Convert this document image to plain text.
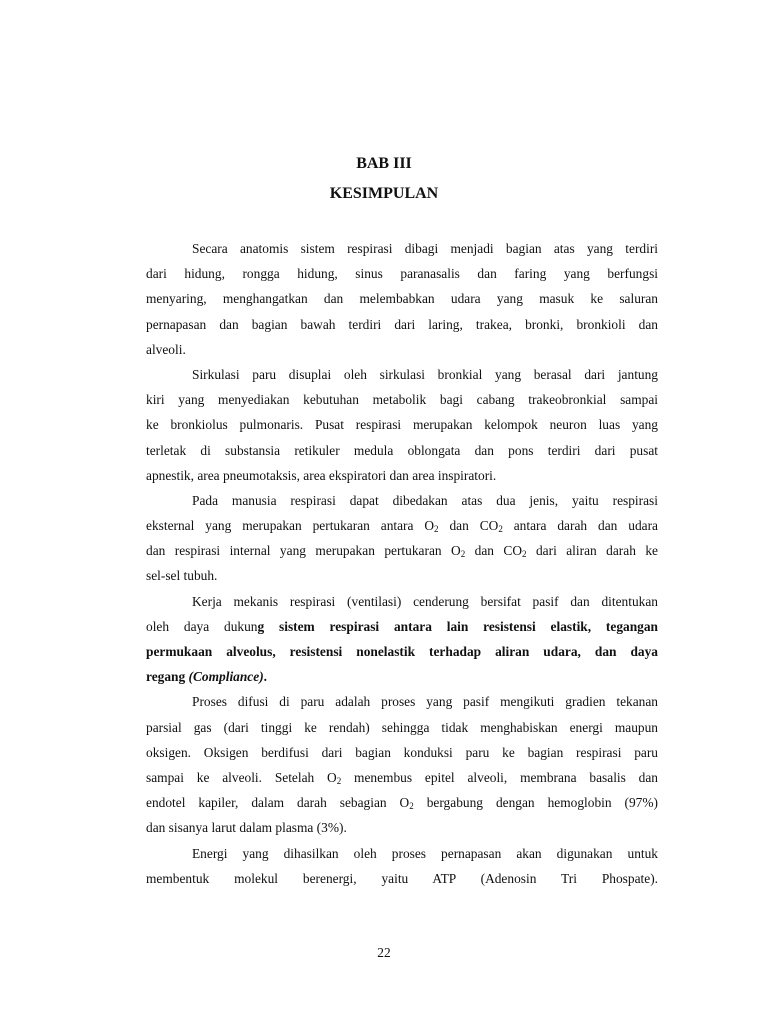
BAB III
KESIMPULAN
Secara anatomis sistem respirasi dibagi menjadi bagian atas yang terdiri
dari hidung, rongga hidung, sinus paranasalis dan faring yang berfungsi
menyaring, menghangatkan dan melembabkan udara yang masuk ke saluran
pernapasan dan bagian bawah terdiri dari laring, trakea, bronki, bronkioli dan
alveoli.
Sirkulasi paru disuplai oleh sirkulasi bronkial yang berasal dari jantung
kiri yang menyediakan kebutuhan metabolik bagi cabang trakeobronkial sampai
ke bronkiolus pulmonaris. Pusat respirasi merupakan kelompok neuron luas yang
terletak di substansia retikuler medula oblongata dan pons terdiri dari pusat
apnestik, area pneumotaksis, area ekspiratori dan area inspiratori.
Pada manusia respirasi dapat dibedakan atas dua jenis, yaitu respirasi
eksternal yang merupakan pertukaran antara $O_2$ dan $CO_2$ antara darah dan udara
dan respirasi internal yang merupakan pertukaran $O_2$ dan $CO_2$ dari aliran darah ke
sel-sel tubuh.
Kerja mekanis respirasi (ventilasi) cenderung bersifat pasif dan ditentukan
oleh daya dukung sistem respirasi antara lain resistensi elastik, tegangan
permukaan alveolus, resistensi nonelastik terhadap aliran udara, dan daya
regang (Compliance).
Proses difusi di paru adalah proses yang pasif mengikuti gradien tekanan
parsial gas (dari tinggi ke rendah) sehingga tidak menghabiskan energi maupun
oksigen. Oksigen berdifusi dari bagian konduksi paru ke bagian respirasi paru
sampai ke alveoli. Setelah $O_2$ menembus epitel alveoli, membrana basalis dan
endotel kapiler, dalam darah sebagian $O_2$ bergabung dengan hemoglobin (97%)
dan sisanya larut dalam plasma (3%).
Energi yang dihasilkan oleh proses pernapasan akan digunakan untuk
membentuk molekul berenergi, yaitu ATP (Adenosin Tri Phospate).
22
